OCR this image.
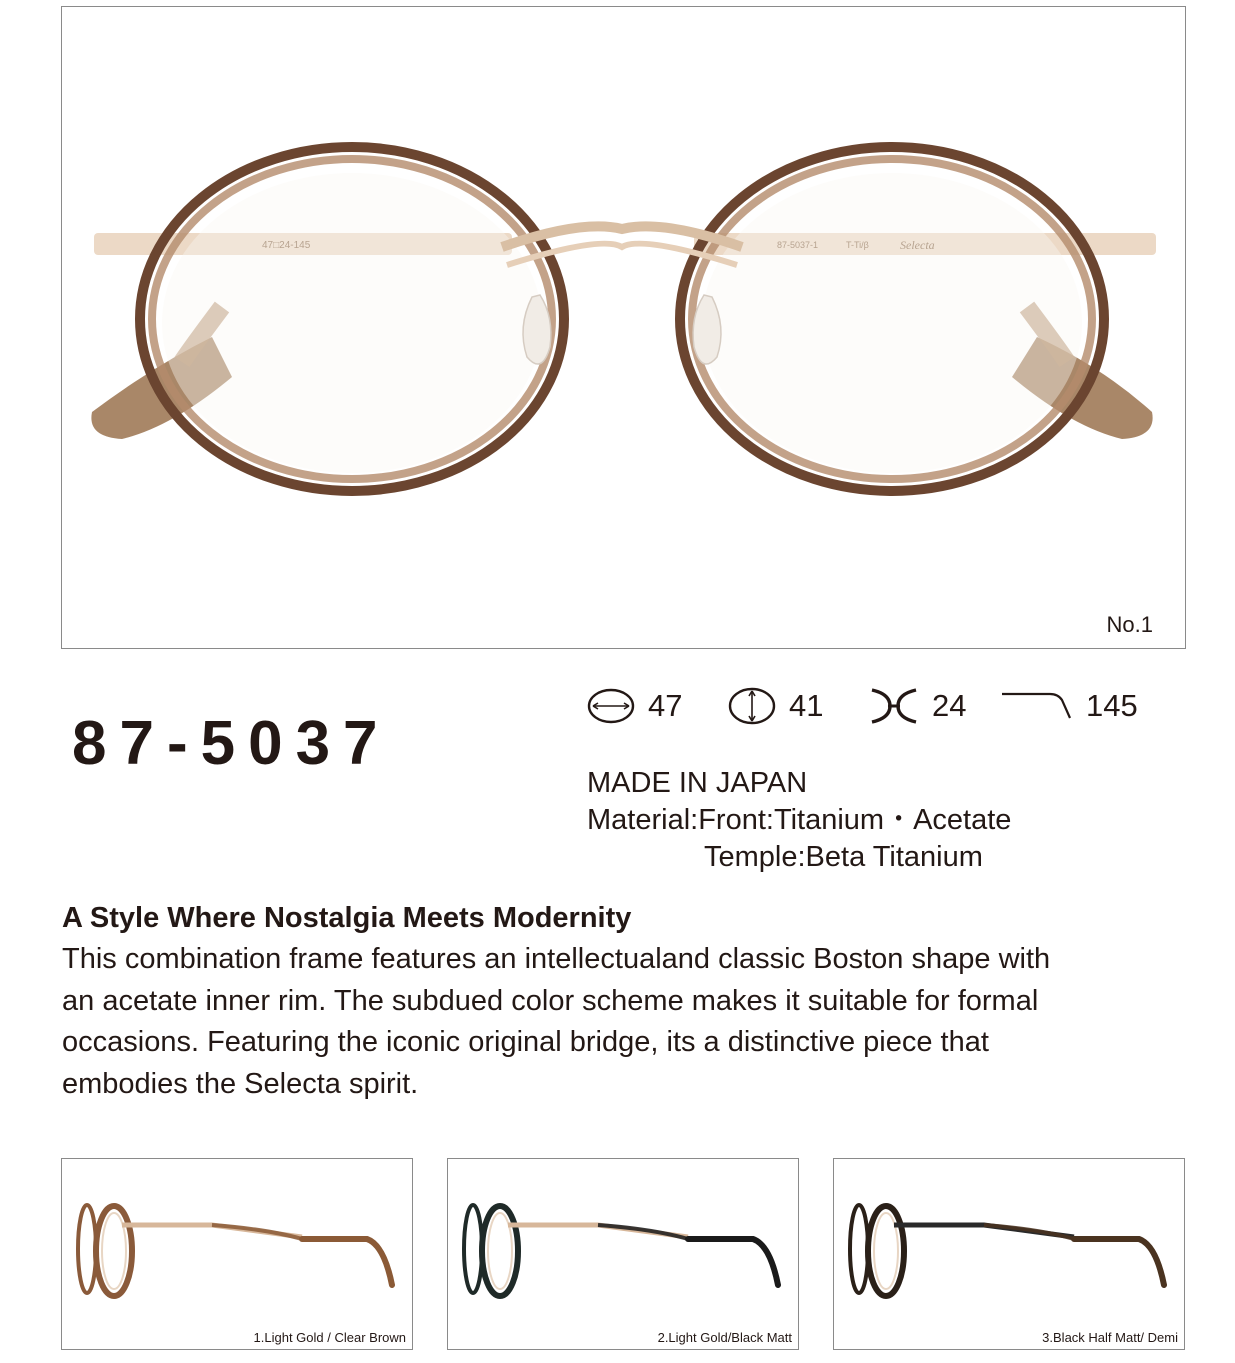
47□24-145	87-5037-1	T-Ti/β	Selecta
No.1
87-5037
47	41	24	145
MADE IN JAPAN
Material:Front:Titanium・Acetate
Temple:Beta Titanium
A Style Where Nostalgia Meets Modernity
This combination frame features an intellectualand classic Boston shape with
an acetate inner rim. The subdued color scheme makes it suitable for formal
occasions. Featuring the iconic original bridge, its a distinctive piece that
embodies the Selecta spirit.
1.Light Gold / Clear Brown	2.Light Gold/Black Matt	3.Black Half Matt/ Demi
